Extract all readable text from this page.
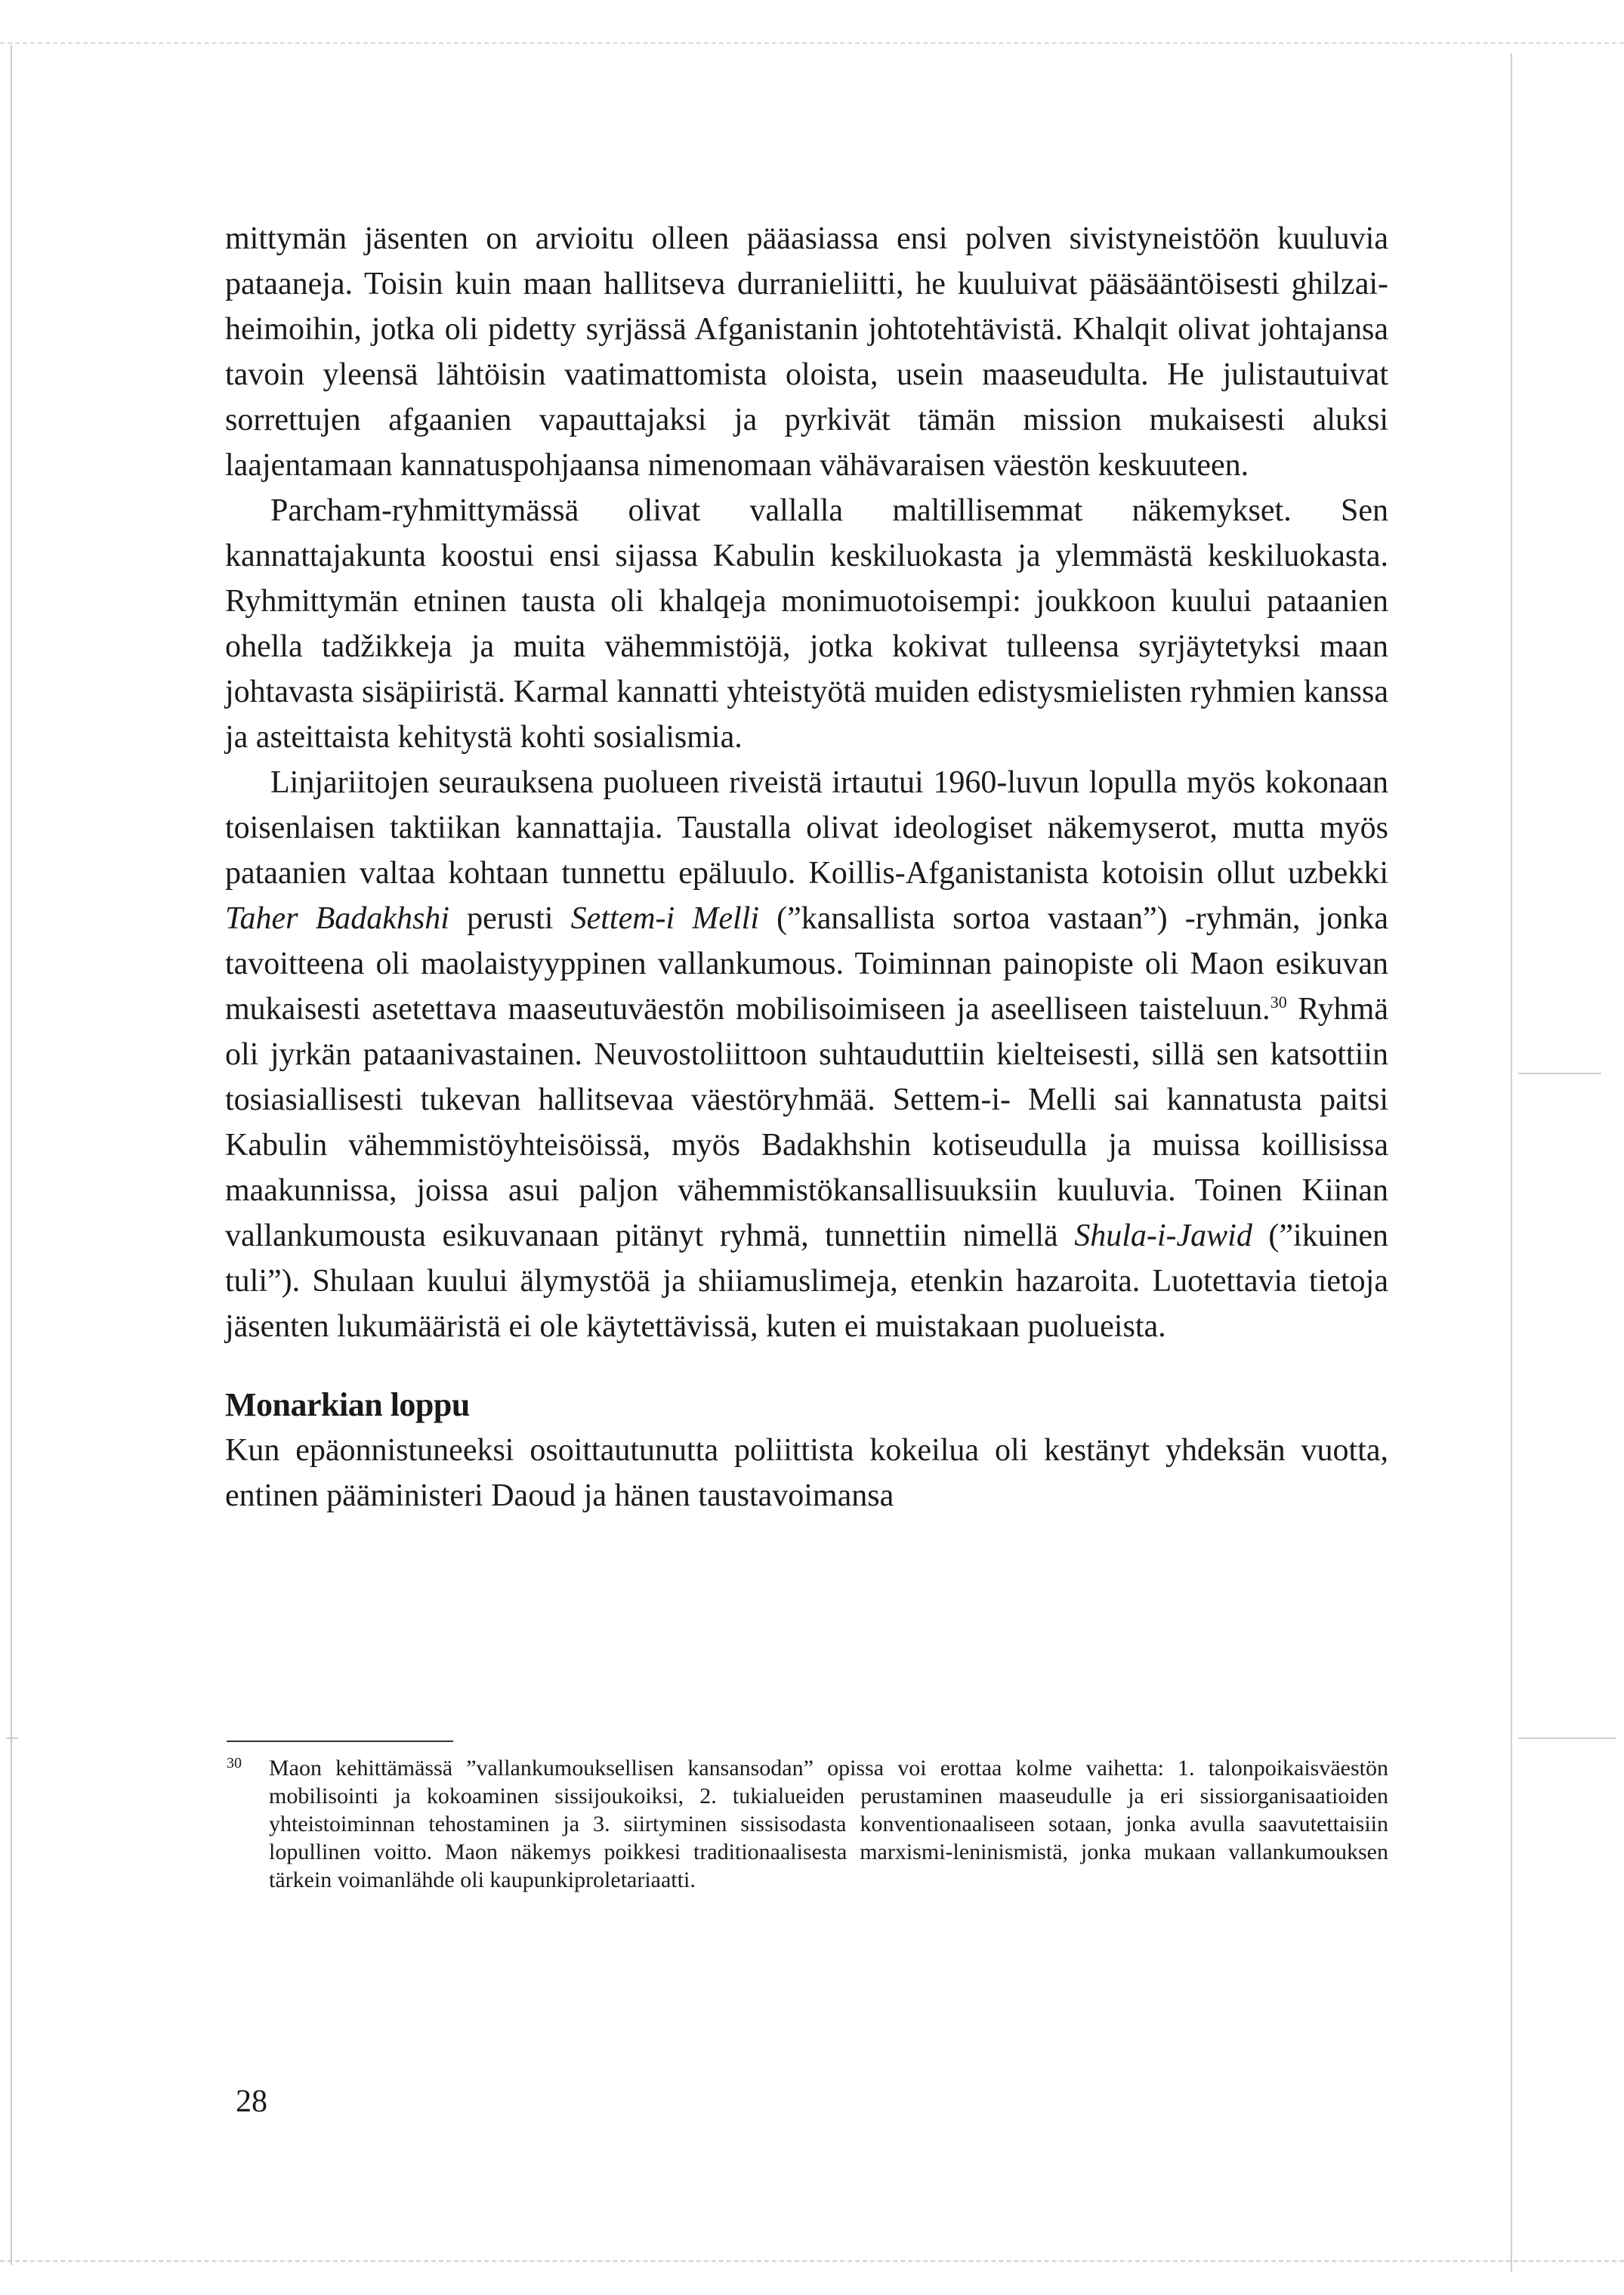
mittymän jäsenten on arvioitu olleen pääasiassa ensi polven sivistyneistöön kuuluvia pataaneja. Toisin kuin maan hallitseva durranieliitti, he kuuluivat pääsääntöisesti ghilzai-heimoihin, jotka oli pidetty syrjässä Afganistanin johtotehtävistä. Khalqit olivat johtajansa tavoin yleensä lähtöisin vaatimattomista oloista, usein maaseudulta. He julistautuivat sorrettujen afgaanien vapauttajaksi ja pyrkivät tämän mission mukaisesti aluksi laajentamaan kannatuspohjaansa nimenomaan vähävaraisen väestön keskuuteen.

Parcham-ryhmittymässä olivat vallalla maltillisemmat näkemykset. Sen kannattajakunta koostui ensi sijassa Kabulin keskiluokasta ja ylemmästä keskiluokasta. Ryhmittymän etninen tausta oli khalqeja monimuotoisempi: joukkoon kuului pataanien ohella tadžikkeja ja muita vähemmistöjä, jotka kokivat tulleensa syrjäytetyksi maan johtavasta sisäpiiristä. Karmal kannatti yhteistyötä muiden edistysmielisten ryhmien kanssa ja asteittaista kehitystä kohti sosialismia.

Linjariitojen seurauksena puolueen riveistä irtautui 1960-luvun lopulla myös kokonaan toisenlaisen taktiikan kannattajia. Taustalla olivat ideologiset näkemyserot, mutta myös pataanien valtaa kohtaan tunnettu epäluulo. Koillis-Afganistanista kotoisin ollut uzbekki Taher Badakhshi perusti Settem-i Melli (”kansallista sortoa vastaan”) -ryhmän, jonka tavoitteena oli maolaistyyppinen vallankumous. Toiminnan painopiste oli Maon esikuvan mukaisesti asetettava maaseutuväestön mobilisoimiseen ja aseelliseen taisteluun.$^{30}$ Ryhmä oli jyrkän pataanivastainen. Neuvostoliittoon suhtauduttiin kielteisesti, sillä sen katsottiin tosiasiallisesti tukevan hallitsevaa väestöryhmää. Settem-i- Melli sai kannatusta paitsi Kabulin vähemmistöyhteisöissä, myös Badakhshin kotiseudulla ja muissa koillisissa maakunnissa, joissa asui paljon vähemmistökansallisuuksiin kuuluvia. Toinen Kiinan vallankumousta esikuvanaan pitänyt ryhmä, tunnettiin nimellä Shula-i-Jawid (”ikuinen tuli”). Shulaan kuului älymystöä ja shiiamuslimeja, etenkin hazaroita. Luotettavia tietoja jäsenten lukumääristä ei ole käytettävissä, kuten ei muistakaan puolueista.

Monarkian loppu

Kun epäonnistuneeksi osoittautunutta poliittista kokeilua oli kestänyt yhdeksän vuotta, entinen pääministeri Daoud ja hänen taustavoimansa

30 Maon kehittämässä ”vallankumouksellisen kansansodan” opissa voi erottaa kolme vaihetta: 1. talonpoikaisväestön mobilisointi ja kokoaminen sissijoukoiksi, 2. tukialueiden perustaminen maaseudulle ja eri sissiorganisaatioiden yhteistoiminnan tehostaminen ja 3. siirtyminen sissisodasta konventionaaliseen sotaan, jonka avulla saavutettaisiin lopullinen voitto. Maon näkemys poikkesi traditionaalisesta marxismi-leninismistä, jonka mukaan vallankumouksen tärkein voimanlähde oli kaupunkiproletariaatti.
28
